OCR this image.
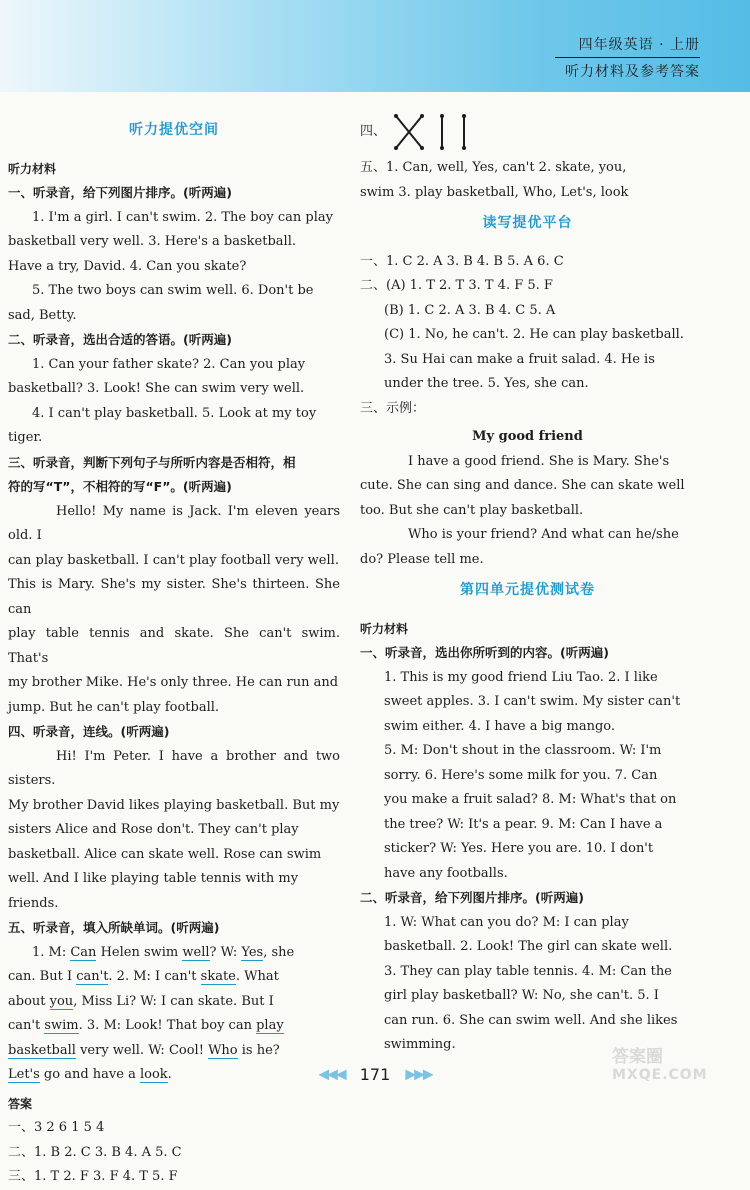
四年级英语 · 上册
听力材料及参考答案

听力提优空间

听力材料

一、听录音，给下列图片排序。(听两遍)

1. I'm a girl. I can't swim. 2. The boy can play

basketball very well. 3. Here's a basketball.

Have a try, David. 4. Can you skate?

5. The two boys can swim well. 6. Don't be

sad, Betty.

二、听录音，选出合适的答语。(听两遍)

1. Can your father skate? 2. Can you play

basketball? 3. Look! She can swim very well.

4. I can't play basketball. 5. Look at my toy

tiger.

三、听录音，判断下列句子与所听内容是否相符，相

符的写“T”，不相符的写“F”。(听两遍)

Hello! My name is Jack. I'm eleven years old. I

can play basketball. I can't play football very well.

This is Mary. She's my sister. She's thirteen. She can

play table tennis and skate. She can't swim. That's

my brother Mike. He's only three. He can run and

jump. But he can't play football.

四、听录音，连线。(听两遍)

Hi! I'm Peter. I have a brother and two sisters.

My brother David likes playing basketball. But my

sisters Alice and Rose don't. They can't play

basketball. Alice can skate well. Rose can swim

well. And I like playing table tennis with my

friends.

五、听录音，填入所缺单词。(听两遍)

1. M: Can Helen swim well? W: Yes, she

can. But I can't. 2. M: I can't skate. What

about you, Miss Li? W: I can skate. But I

can't swim. 3. M: Look! That boy can play

basketball very well. W: Cool! Who is he?

Let's go and have a look.

答案

一、3 2 6 1 5 4

二、1. B 2. C 3. B 4. A 5. C

三、1. T 2. F 3. F 4. T 5. F

四、

五、1. Can, well, Yes, can't 2. skate, you,

swim 3. play basketball, Who, Let's, look

读写提优平台

一、1. C 2. A 3. B 4. B 5. A 6. C

二、(A) 1. T 2. T 3. T 4. F 5. F

(B) 1. C 2. A 3. B 4. C 5. A

(C) 1. No, he can't. 2. He can play basketball.

3. Su Hai can make a fruit salad. 4. He is

under the tree. 5. Yes, she can.

三、示例：

My good friend

I have a good friend. She is Mary. She's

cute. She can sing and dance. She can skate well

too. But she can't play basketball.

Who is your friend? And what can he/she

do? Please tell me.

第四单元提优测试卷

听力材料

一、听录音，选出你所听到的内容。(听两遍)

1. This is my good friend Liu Tao. 2. I like

sweet apples. 3. I can't swim. My sister can't

swim either. 4. I have a big mango.

5. M: Don't shout in the classroom. W: I'm

sorry. 6. Here's some milk for you. 7. Can

you make a fruit salad? 8. M: What's that on

the tree? W: It's a pear. 9. M: Can I have a

sticker? W: Yes. Here you are. 10. I don't

have any footballs.

二、听录音，给下列图片排序。(听两遍)

1. W: What can you do? M: I can play

basketball. 2. Look! The girl can skate well.

3. They can play table tennis. 4. M: Can the

girl play basketball? W: No, she can't. 5. I

can run. 6. She can swim well. And she likes

swimming.

◀◀◀ 171 ▶▶▶
答案圈
MXQE.COM
